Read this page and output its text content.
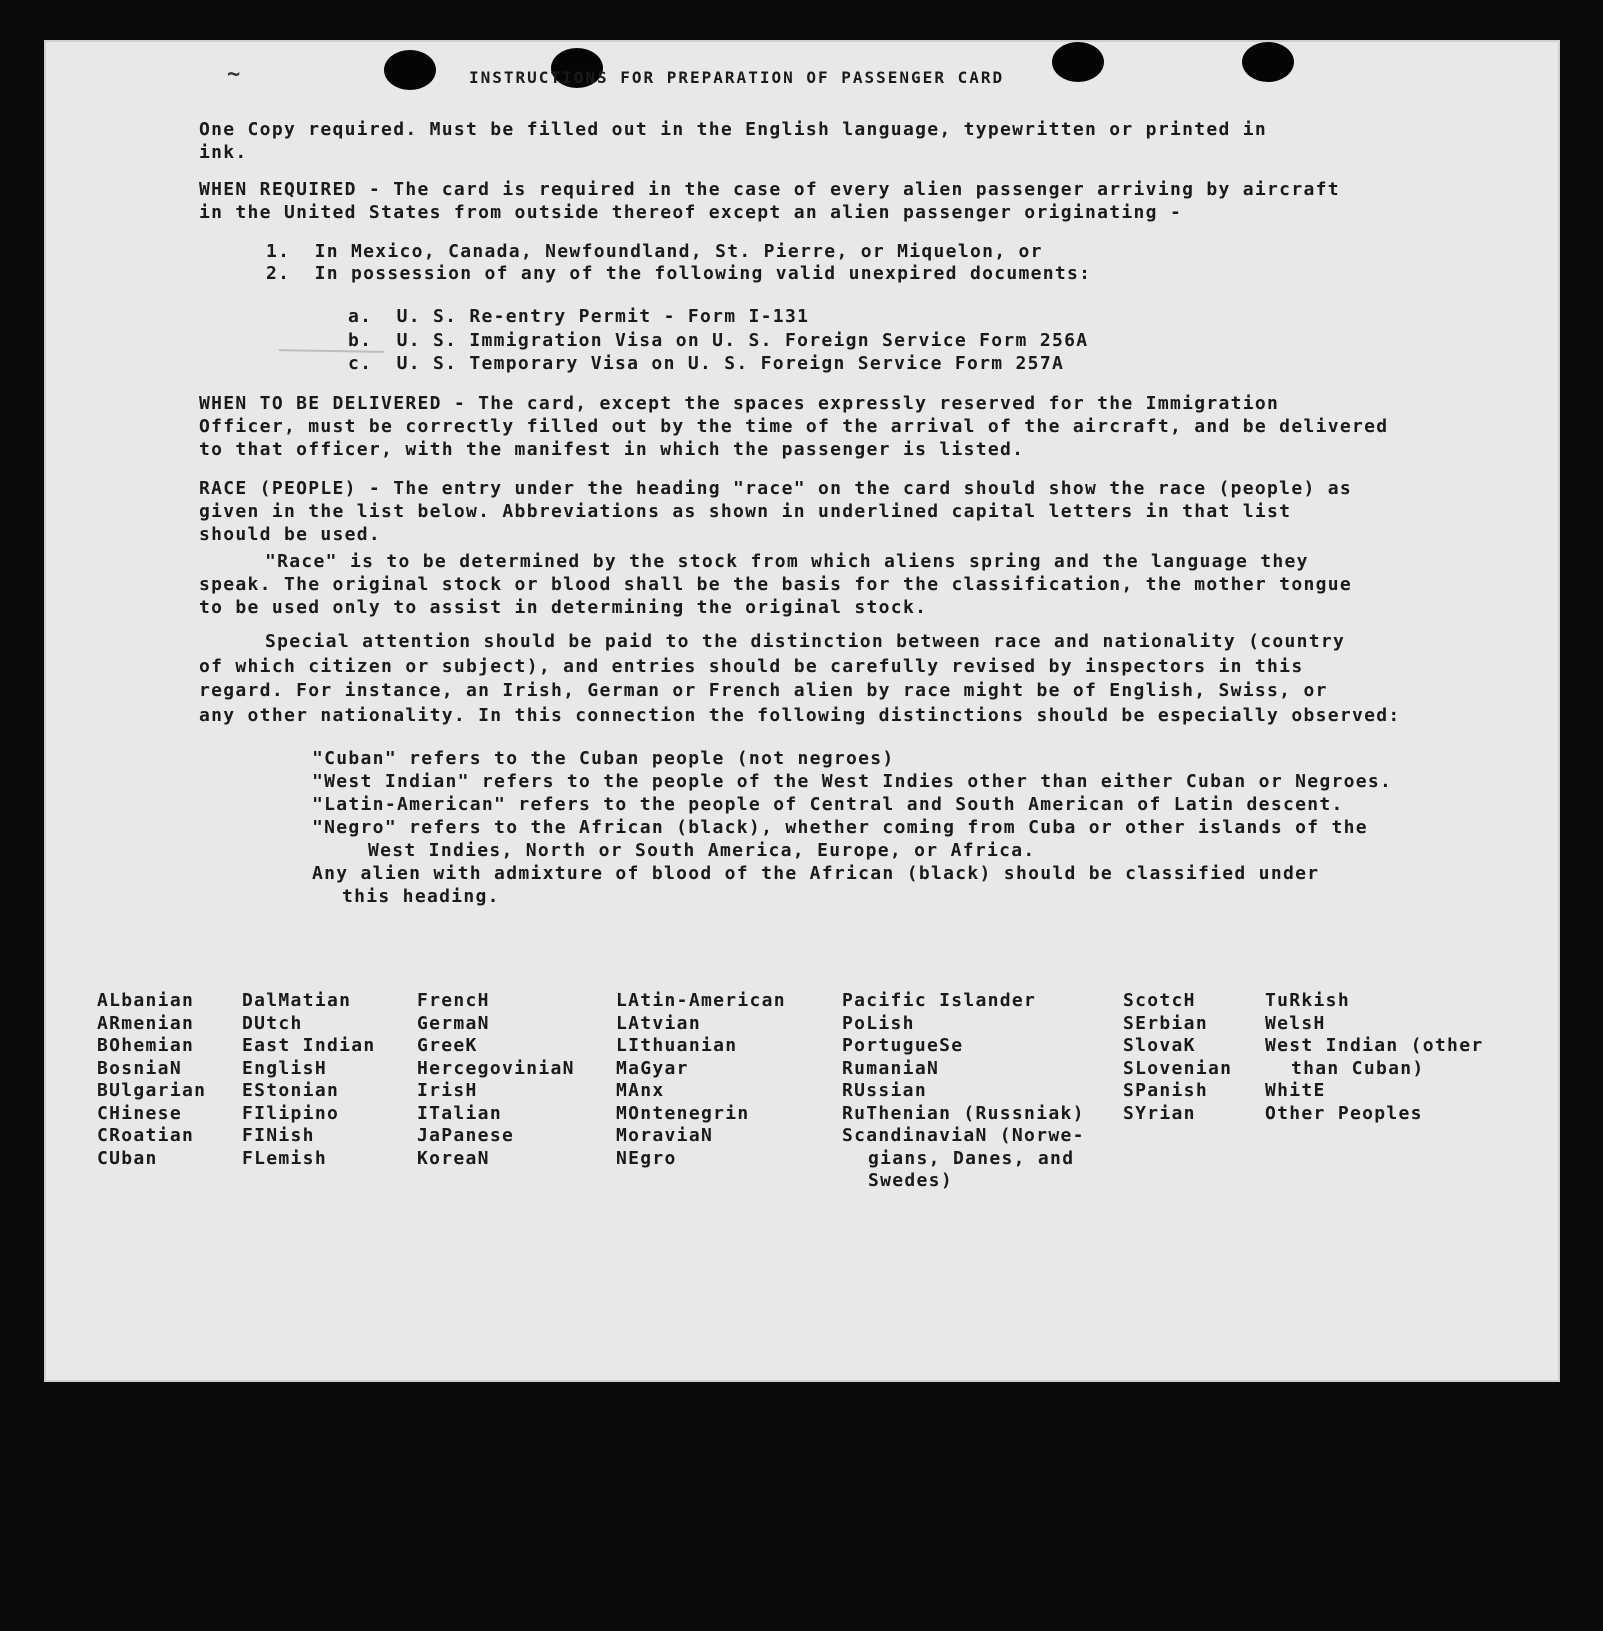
~	INSTRUCTIONS FOR PREPARATION OF PASSENGER CARD
One Copy required. Must be filled out in the English language, typewritten or printed in
ink.
WHEN REQUIRED - The card is required in the case of every alien passenger arriving by aircraft
in the United States from outside thereof except an alien passenger originating -
1. In Mexico, Canada, Newfoundland, St. Pierre, or Miquelon, or
2. In possession of any of the following valid unexpired documents:
a. U. S. Re-entry Permit - Form I-131
b. U. S. Immigration Visa on U. S. Foreign Service Form 256A
c. U. S. Temporary Visa on U. S. Foreign Service Form 257A
WHEN TO BE DELIVERED - The card, except the spaces expressly reserved for the Immigration
Officer, must be correctly filled out by the time of the arrival of the aircraft, and be delivered
to that officer, with the manifest in which the passenger is listed.
RACE (PEOPLE) - The entry under the heading "race" on the card should show the race (people) as
given in the list below. Abbreviations as shown in underlined capital letters in that list
should be used.
"Race" is to be determined by the stock from which aliens spring and the language they
speak. The original stock or blood shall be the basis for the classification, the mother tongue
to be used only to assist in determining the original stock.
Special attention should be paid to the distinction between race and nationality (country
of which citizen or subject), and entries should be carefully revised by inspectors in this
regard. For instance, an Irish, German or French alien by race might be of English, Swiss, or
any other nationality. In this connection the following distinctions should be especially observed:
"Cuban" refers to the Cuban people (not negroes)
"West Indian" refers to the people of the West Indies other than either Cuban or Negroes.
"Latin-American" refers to the people of Central and South American of Latin descent.
"Negro" refers to the African (black), whether coming from Cuba or other islands of the
West Indies, North or South America, Europe, or Africa.
Any alien with admixture of blood of the African (black) should be classified under
this heading.
ALbanian
ARmenian
BOhemian
BosniaN
BUlgarian
CHinese
CRoatian
CUban
DalMatian
DUtch
East Indian
EnglisH
EStonian
FIlipino
FINish
FLemish
FrencH
GermaN
GreeK
HercegoviniaN
IrisH
ITalian
JaPanese
KoreaN
LAtin-American
LAtvian
LIthuanian
MaGyar
MAnx
MOntenegrin
MoraviaN
NEgro
Pacific Islander
PoLish
PortugueSe
RumaniaN
RUssian
RuThenian (Russniak)
ScandinaviaN (Norwe-
gians, Danes, and
Swedes)
ScotcH
SErbian
SlovaK
SLovenian
SPanish
SYrian
TuRkish
WelsH
West Indian (other
than Cuban)
WhitE
Other Peoples
